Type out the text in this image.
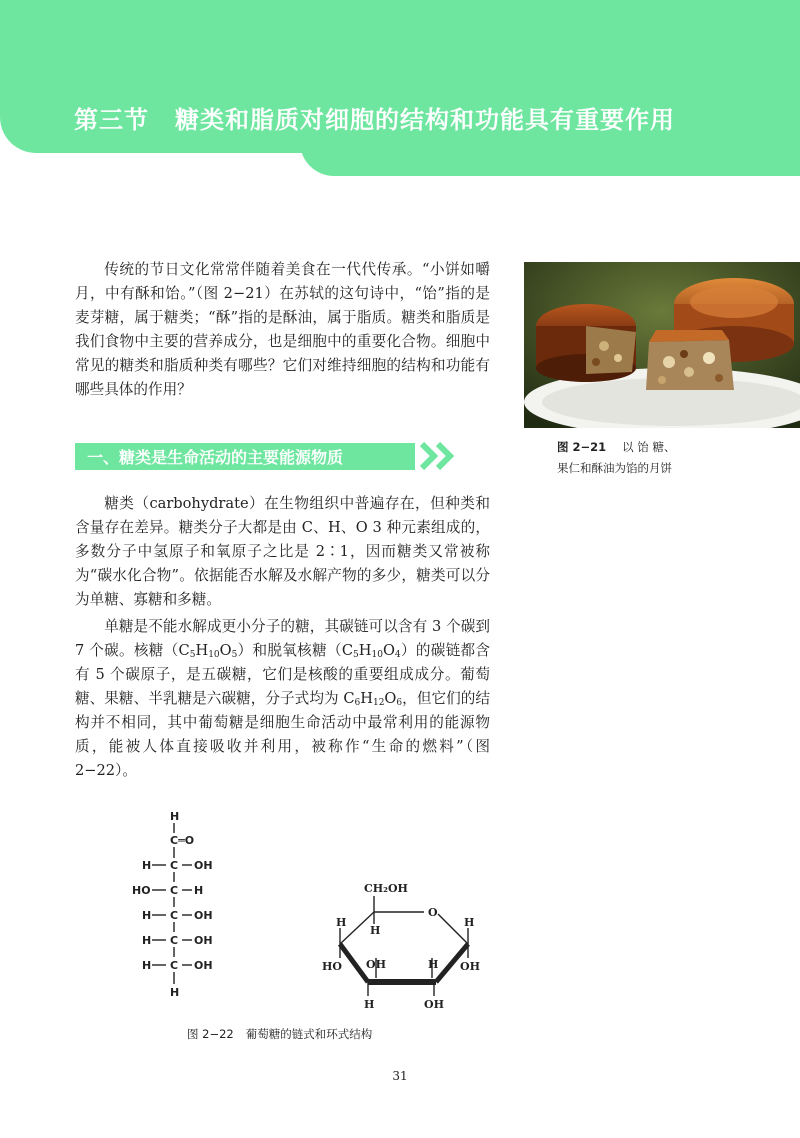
第三节 糖类和脂质对细胞的结构和功能具有重要作用

传统的节日文化常常伴随着美食在一代代传承。“小饼如嚼月，中有酥和饴。”（图 2−21）在苏轼的这句诗中，“饴”指的是麦芽糖，属于糖类；“酥”指的是酥油，属于脂质。糖类和脂质是我们食物中主要的营养成分，也是细胞中的重要化合物。细胞中常见的糖类和脂质种类有哪些？它们对维持细胞的结构和功能有哪些具体的作用？

图 2−21 以 饴 糖、
果仁和酥油为馅的月饼
一、糖类是生命活动的主要能源物质

糖类（carbohydrate）在生物组织中普遍存在，但种类和含量存在差异。糖类分子大都是由 C、H、O 3 种元素组成的，多数分子中氢原子和氧原子之比是 2∶1，因而糖类又常被称为“碳水化合物”。依据能否水解及水解产物的多少，糖类可以分为单糖、寡糖和多糖。

单糖是不能水解成更小分子的糖，其碳链可以含有 3 个碳到 7 个碳。核糖$(C_5H_{10}O_5)$和脱氧核糖$(C_5H_{10}O_4)$的碳链都含有 5 个碳原子，是五碳糖，它们是核酸的重要组成成分。葡萄糖、果糖、半乳糖是六碳糖，分子式均为 $C_6H_{12}O_6$，但它们的结构并不相同，其中葡萄糖是细胞生命活动中最常利用的能源物质，能被人体直接吸收并利用，被称作“生命的燃料”（图 2−22）。

H
C═O
H C OH
HO C H
H C OH
H C OH
H C OH
H
CH₂OH
O
H
H
HO OH	H
H
OH
H	OH
图 2−22 葡萄糖的链式和环式结构
31
